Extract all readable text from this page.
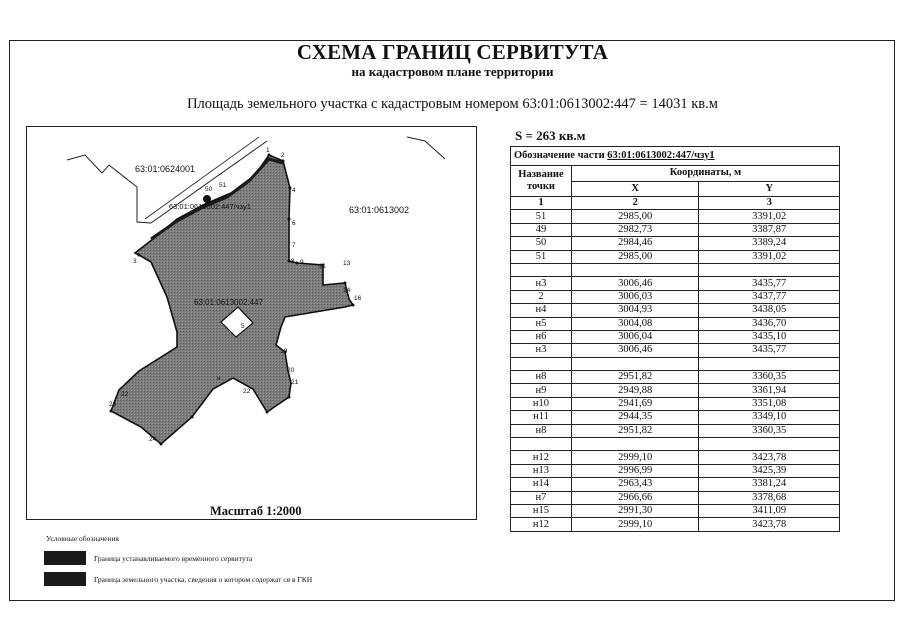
СХЕМА ГРАНИЦ СЕРВИТУТА
на кадастровом плане территории
Площадь земельного участка с кадастровым номером 63:01:0613002:447 = 14031 кв.м
63:01:0624001
63:01:0613002
63:01:0613002:447
63:01:0613002:447/чзу1
1
2
4
6
7
8 9
11	13
14
16
19
20
21
22
23
24
50
51
3
5
н
22
Масштаб 1:2000
S = 263 кв.м
Обозначение части 63:01:0613002:447/чзу1		
Название точки	Координаты, м	
	X	Y
1	2	3
51	2985,00	3391,02
49	2982,73	3387,87
50	2984,46	3389,24
51	2985,00	3391,02

н3	3006,46	3435,77
2	3006,03	3437,77
н4	3004,93	3438,05
н5	3004,08	3436,70
н6	3006,04	3435,10
н3	3006,46	3435,77

н8	2951,82	3360,35
н9	2949,88	3361,94
н10	2941,69	3351,08
н11	2944,35	3349,10
н8	2951,82	3360,35

н12	2999,10	3423,78
н13	2996,99	3425,39
н14	2963,43	3381,24
н7	2966,66	3378,68
н15	2991,30	3411,09
н12	2999,10	3423,78
Условные обозначения
Граница устанавливаемого временного сервитута
Граница земельного участка, сведения о котором содержат ся в ГКН
